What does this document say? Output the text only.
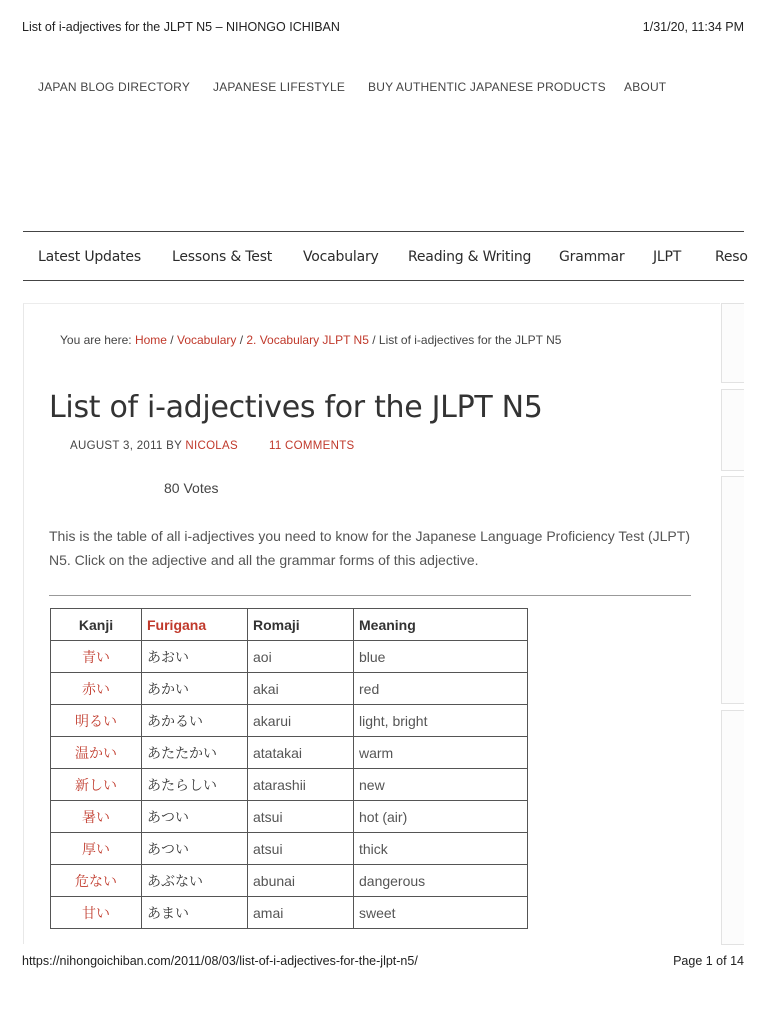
List of i-adjectives for the JLPT N5 – NIHONGO ICHIBAN	1/31/20, 11:34 PM
JAPAN BLOG DIRECTORY JAPANESE LIFESTYLE BUY AUTHENTIC JAPANESE PRODUCTS ABOUT
Latest Updates Lessons & Test Vocabulary Reading & Writing Grammar JLPT Reso
You are here: Home / Vocabulary / 2. Vocabulary JLPT N5 / List of i-adjectives for the JLPT N5
List of i-adjectives for the JLPT N5
AUGUST 3, 2011 BY NICOLAS	11 COMMENTS
80 Votes

This is the table of all i-adjectives you need to know for the Japanese Language Proficiency Test (JLPT) N5. Click on the adjective and all the grammar forms of this adjective.

Kanji	Furigana	Romaji	Meaning
青い	あおい	aoi	blue
赤い	あかい	akai	red
明るい	あかるい	akarui	light, bright
温かい	あたたかい	atatakai	warm
新しい	あたらしい	atarashii	new
暑い	あつい	atsui	hot (air)
厚い	あつい	atsui	thick
危ない	あぶない	abunai	dangerous
甘い	あまい	amai	sweet
https://nihongoichiban.com/2011/08/03/list-of-i-adjectives-for-the-jlpt-n5/	Page 1 of 14
